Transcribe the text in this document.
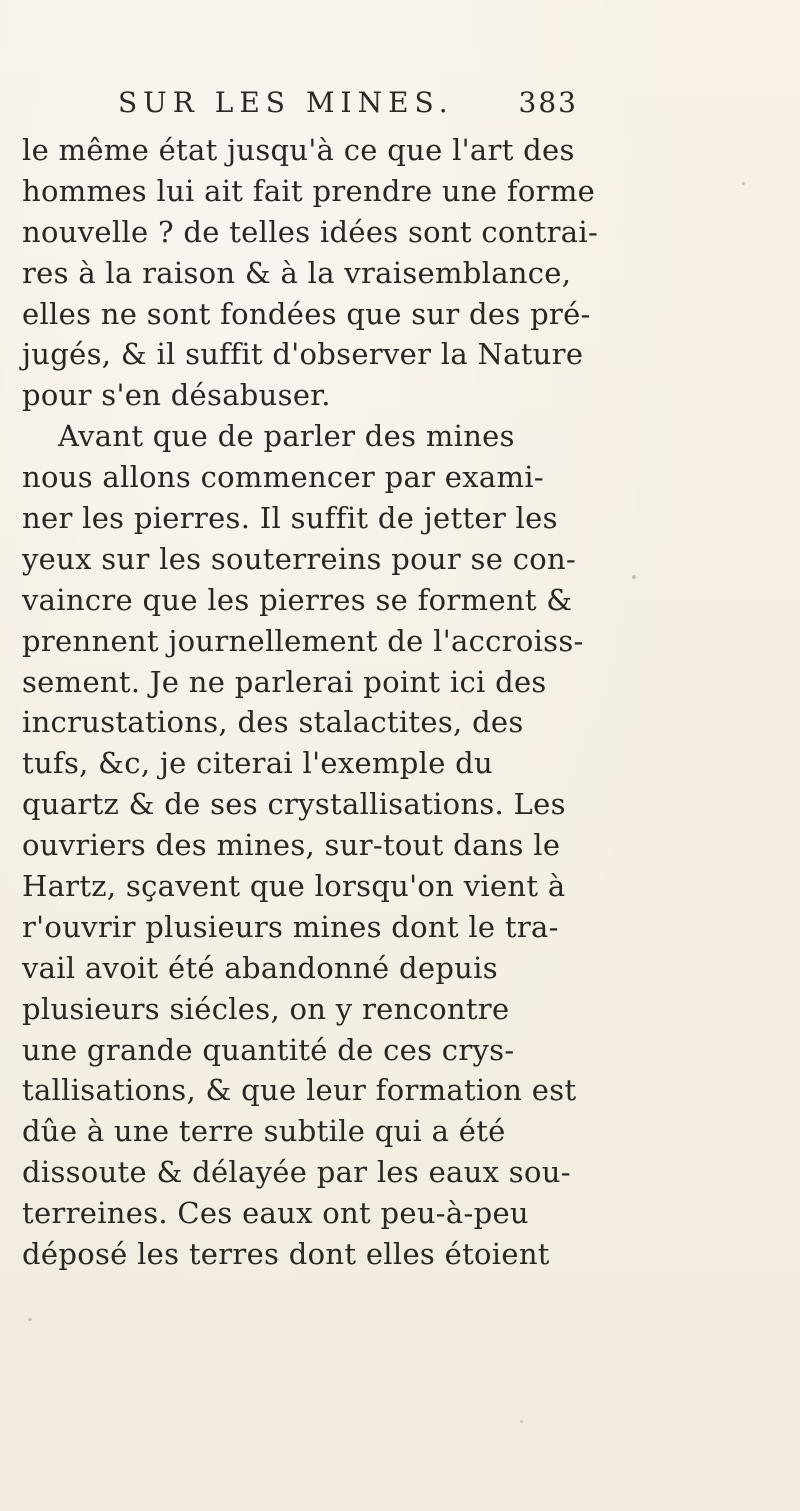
SUR LES MINES. 383
le même état jusqu'à ce que l'art des
hommes lui ait fait prendre une forme
nouvelle ? de telles idées sont contrai-
res à la raison & à la vraisemblance,
elles ne sont fondées que sur des pré-
jugés, & il suffit d'observer la Nature
pour s'en désabuser.
Avant que de parler des mines
nous allons commencer par exami-
ner les pierres. Il suffit de jetter les
yeux sur les souterreins pour se con-
vaincre que les pierres se forment &
prennent journellement de l'accroiss-
sement. Je ne parlerai point ici des
incrustations, des stalactites, des
tufs, &c, je citerai l'exemple du
quartz & de ses crystallisations. Les
ouvriers des mines, sur-tout dans le
Hartz, sçavent que lorsqu'on vient à
r'ouvrir plusieurs mines dont le tra-
vail avoit été abandonné depuis
plusieurs siécles, on y rencontre
une grande quantité de ces crys-
tallisations, & que leur formation est
dûe à une terre subtile qui a été
dissoute & délayée par les eaux sou-
terreines. Ces eaux ont peu-à-peu
déposé les terres dont elles étoient
